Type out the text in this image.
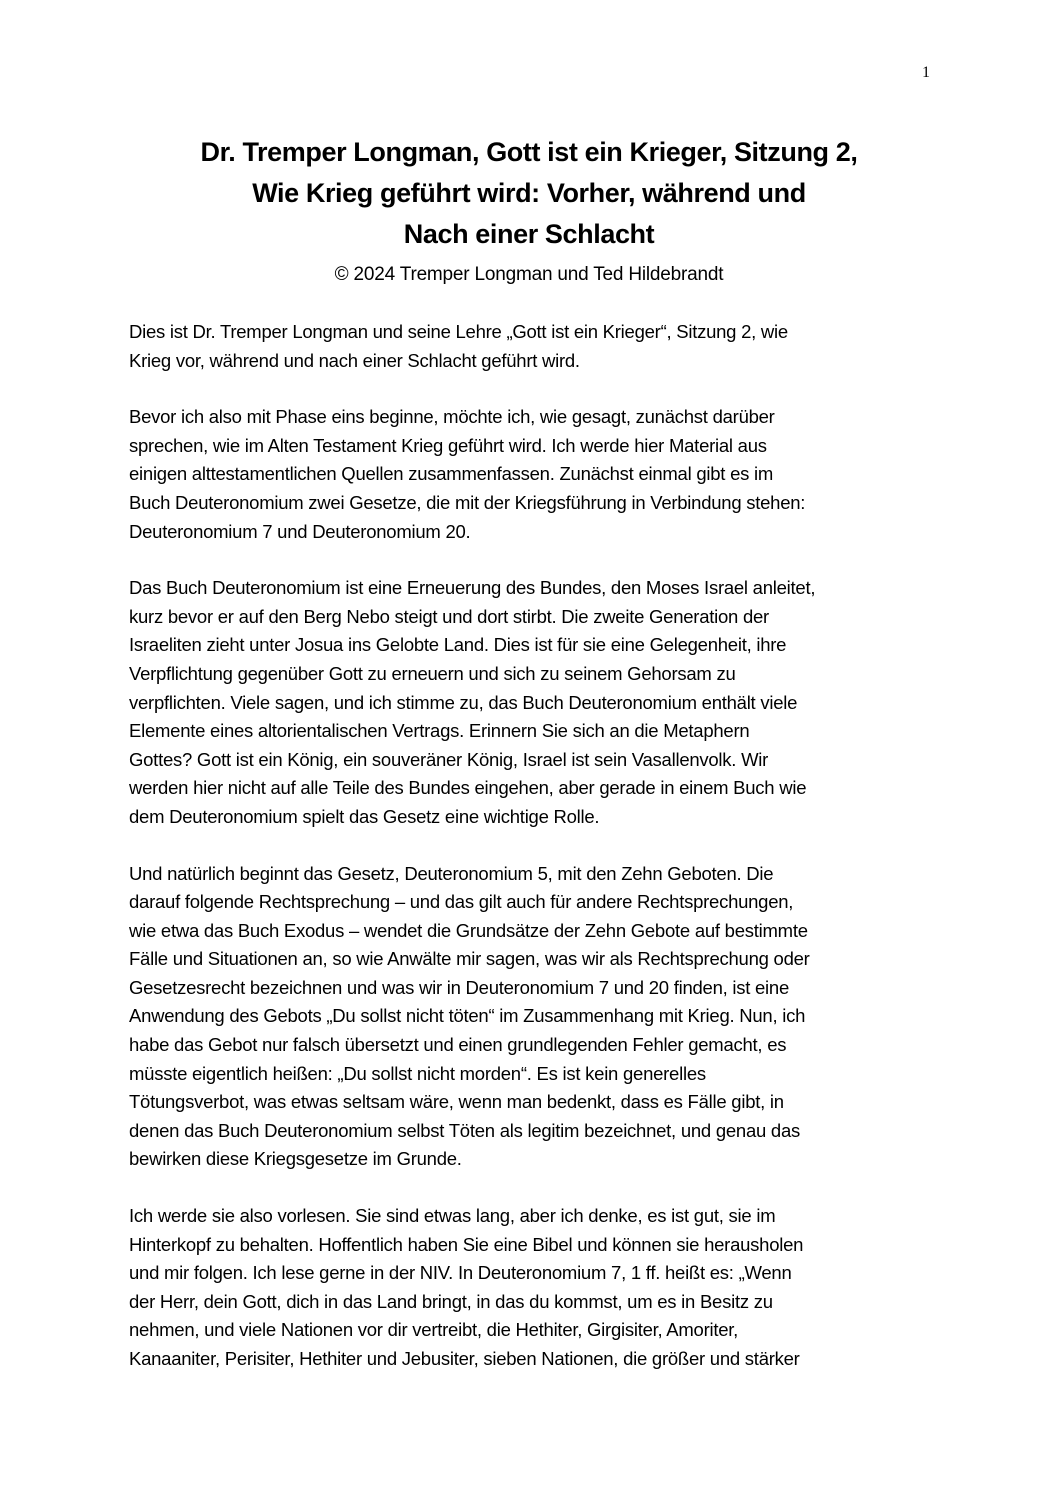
1
Dr. Tremper Longman, Gott ist ein Krieger, Sitzung 2,
Wie Krieg geführt wird: Vorher, während und
Nach einer Schlacht
© 2024 Tremper Longman und Ted Hildebrandt

Dies ist Dr. Tremper Longman und seine Lehre „Gott ist ein Krieger“, Sitzung 2, wie
Krieg vor, während und nach einer Schlacht geführt wird.

Bevor ich also mit Phase eins beginne, möchte ich, wie gesagt, zunächst darüber
sprechen, wie im Alten Testament Krieg geführt wird. Ich werde hier Material aus
einigen alttestamentlichen Quellen zusammenfassen. Zunächst einmal gibt es im
Buch Deuteronomium zwei Gesetze, die mit der Kriegsführung in Verbindung stehen:
Deuteronomium 7 und Deuteronomium 20.

Das Buch Deuteronomium ist eine Erneuerung des Bundes, den Moses Israel anleitet,
kurz bevor er auf den Berg Nebo steigt und dort stirbt. Die zweite Generation der
Israeliten zieht unter Josua ins Gelobte Land. Dies ist für sie eine Gelegenheit, ihre
Verpflichtung gegenüber Gott zu erneuern und sich zu seinem Gehorsam zu
verpflichten. Viele sagen, und ich stimme zu, das Buch Deuteronomium enthält viele
Elemente eines altorientalischen Vertrags. Erinnern Sie sich an die Metaphern
Gottes? Gott ist ein König, ein souveräner König, Israel ist sein Vasallenvolk. Wir
werden hier nicht auf alle Teile des Bundes eingehen, aber gerade in einem Buch wie
dem Deuteronomium spielt das Gesetz eine wichtige Rolle.

Und natürlich beginnt das Gesetz, Deuteronomium 5, mit den Zehn Geboten. Die
darauf folgende Rechtsprechung – und das gilt auch für andere Rechtsprechungen,
wie etwa das Buch Exodus – wendet die Grundsätze der Zehn Gebote auf bestimmte
Fälle und Situationen an, so wie Anwälte mir sagen, was wir als Rechtsprechung oder
Gesetzesrecht bezeichnen und was wir in Deuteronomium 7 und 20 finden, ist eine
Anwendung des Gebots „Du sollst nicht töten“ im Zusammenhang mit Krieg. Nun, ich
habe das Gebot nur falsch übersetzt und einen grundlegenden Fehler gemacht, es
müsste eigentlich heißen: „Du sollst nicht morden“. Es ist kein generelles
Tötungsverbot, was etwas seltsam wäre, wenn man bedenkt, dass es Fälle gibt, in
denen das Buch Deuteronomium selbst Töten als legitim bezeichnet, und genau das
bewirken diese Kriegsgesetze im Grunde.

Ich werde sie also vorlesen. Sie sind etwas lang, aber ich denke, es ist gut, sie im
Hinterkopf zu behalten. Hoffentlich haben Sie eine Bibel und können sie herausholen
und mir folgen. Ich lese gerne in der NIV. In Deuteronomium 7, 1 ff. heißt es: „Wenn
der Herr, dein Gott, dich in das Land bringt, in das du kommst, um es in Besitz zu
nehmen, und viele Nationen vor dir vertreibt, die Hethiter, Girgisiter, Amoriter,
Kanaaniter, Perisiter, Hethiter und Jebusiter, sieben Nationen, die größer und stärker
